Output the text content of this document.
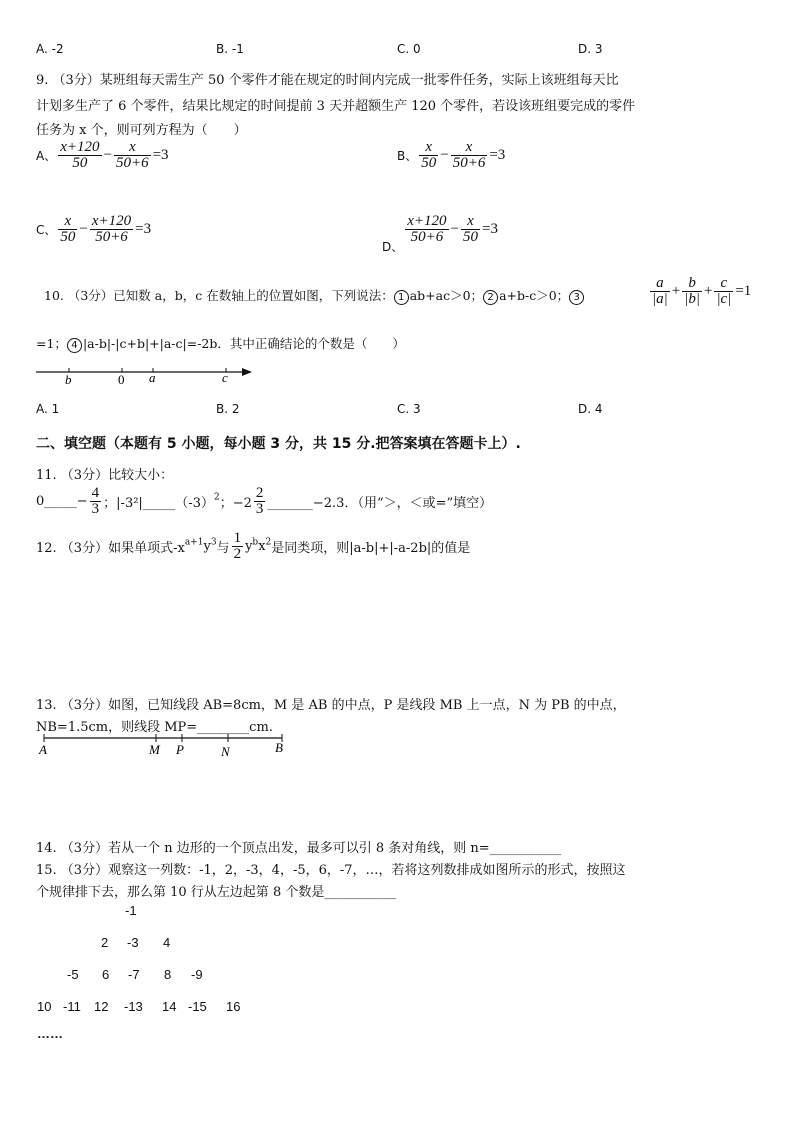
A. -2	B. -1	C. 0	D. 3
9. （3分）某班组每天需生产 50 个零件才能在规定的时间内完成一批零件任务，实际上该班组每天比
计划多生产了 6 个零件，结果比规定的时间提前 3 天并超额生产 120 个零件，若设该班组要完成的零件
任务为 x 个，则可列方程为（　　）
A、 $\frac{x+120}{50} - \frac{x}{50+6} =3$	B、 $\frac{x}{50} - \frac{x}{50+6} =3$
C、 $\frac{x}{50} - \frac{x+120}{50+6} =3$
D、
$\frac{x+120}{50+6} - \frac{x}{50} =3$
10. （3分）已知数 a，b，c 在数轴上的位置如图，下列说法： 1 ab+ac＞0； 2 a+b-c＞0； 3	$\frac{a}{|a|} + \frac{b}{|b|} + \frac{c}{|c|} =1$
=1； 4 |a-b|-|c+b|+|a-c|=-2b．其中正确结论的个数是（　　）
b	0 a	c
A. 1	B. 2	C. 3	D. 4
二、填空题（本题有 5 小题，每小题 3 分，共 15 分.把答案填在答题卡上）.
11. （3分）比较大小：
0_____− $\frac{4}{3}$ ；$|-3^2|\_\_\_\_\_(-3)^2$；$-2 \frac{2}{3}$ _______−2.3．（用“＞，＜或=”填空）
12. （3分）如果单项式$-x^{a+1}y^3$与 $\frac{1}{2} y^bx^2$是同类项，则|a-b|+|-a-2b|的值是
13. （3分）如图，已知线段 AB=8cm，M 是 AB 的中点，P 是线段 MB 上一点，N 为 PB 的中点，
NB=1.5cm，则线段 MP=________cm.
A	M P	N	B
14. （3分）若从一个 n 边形的一个顶点出发，最多可以引 8 条对角线，则 n=___________
15. （3分）观察这一列数：-1，2，-3，4，-5，6，-7，…，若将这列数排成如图所示的形式，按照这
个规律排下去，那么第 10 行从左边起第 8 个数是___________
-1
2 -3 4
-5 6 -7 8 -9
10 -11 12 -13 14 -15 16
……
